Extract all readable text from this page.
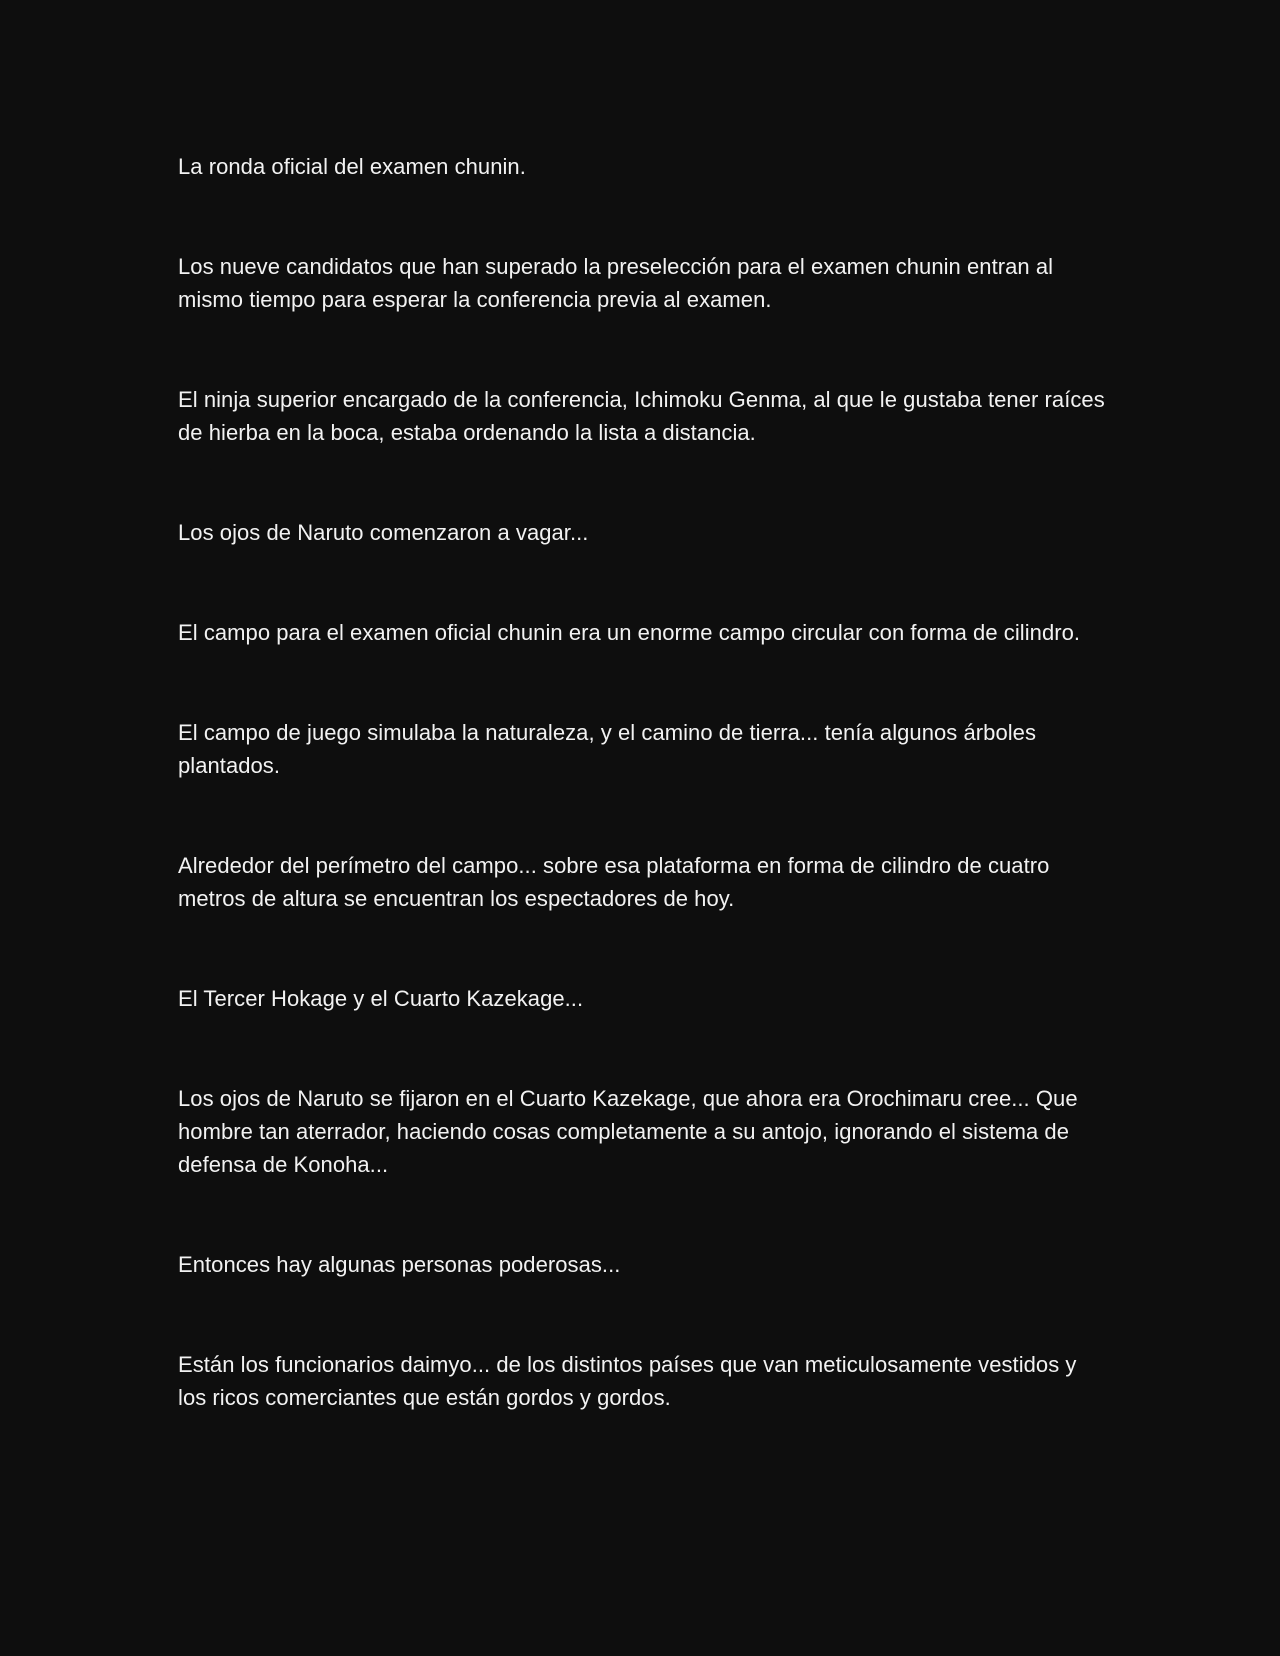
La ronda oficial del examen chunin.

Los nueve candidatos que han superado la preselección para el examen chunin entran al mismo tiempo para esperar la conferencia previa al examen.

El ninja superior encargado de la conferencia, Ichimoku Genma, al que le gustaba tener raíces de hierba en la boca, estaba ordenando la lista a distancia.

Los ojos de Naruto comenzaron a vagar...

El campo para el examen oficial chunin era un enorme campo circular con forma de cilindro.

El campo de juego simulaba la naturaleza, y el camino de tierra... tenía algunos árboles plantados.

Alrededor del perímetro del campo... sobre esa plataforma en forma de cilindro de cuatro metros de altura se encuentran los espectadores de hoy.

El Tercer Hokage y el Cuarto Kazekage...

Los ojos de Naruto se fijaron en el Cuarto Kazekage, que ahora era Orochimaru cree... Que hombre tan aterrador, haciendo cosas completamente a su antojo, ignorando el sistema de defensa de Konoha...

Entonces hay algunas personas poderosas...

Están los funcionarios daimyo... de los distintos países que van meticulosamente vestidos y los ricos comerciantes que están gordos y gordos.
